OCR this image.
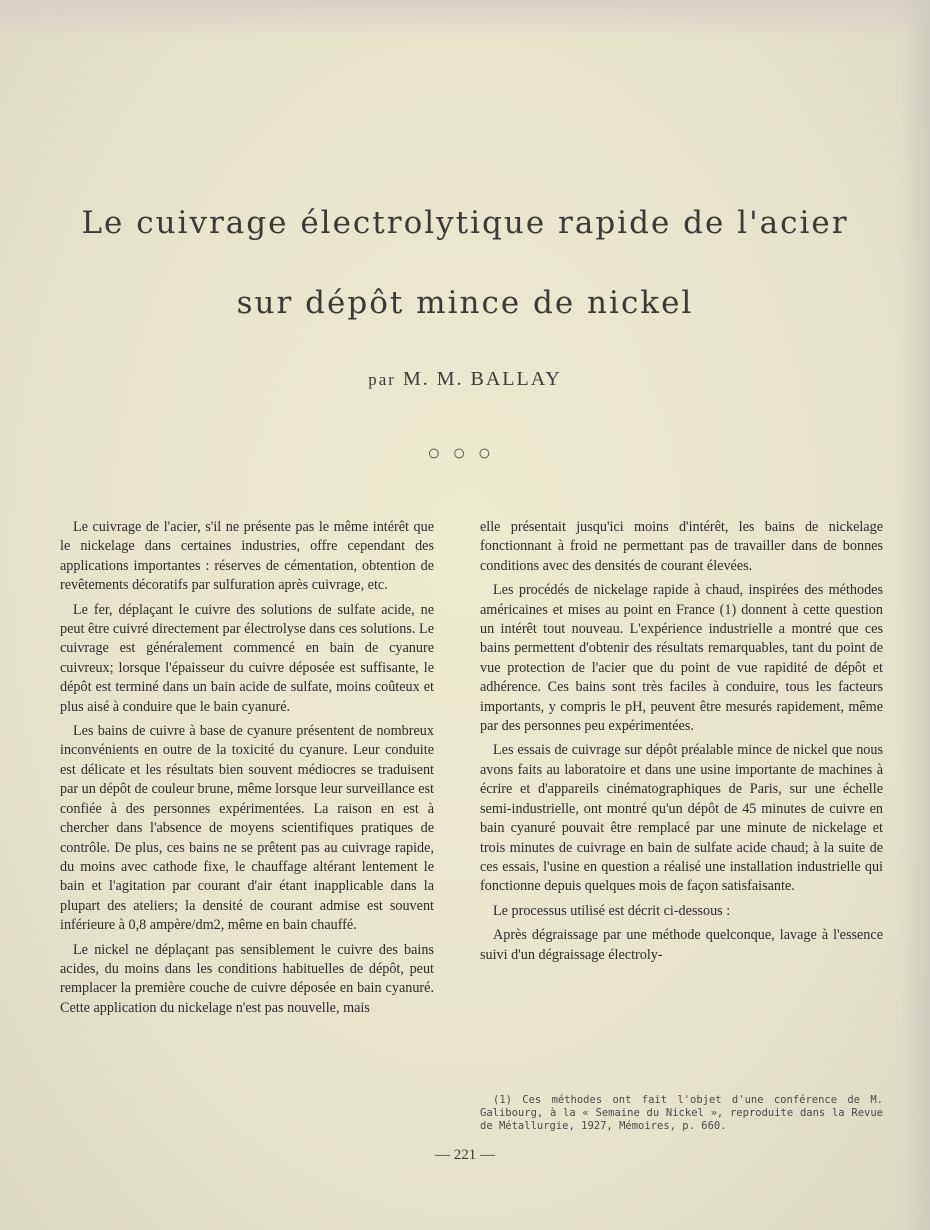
Le cuivrage électrolytique rapide de l'acier
sur dépôt mince de nickel
par M. M. BALLAY
○○○

Le cuivrage de l'acier, s'il ne présente pas le même intérêt que le nickelage dans certaines industries, offre cependant des applications importantes : réserves de cémentation, obtention de revêtements décoratifs par sulfuration après cuivrage, etc.

Le fer, déplaçant le cuivre des solutions de sulfate acide, ne peut être cuivré directement par électrolyse dans ces solutions. Le cuivrage est généralement commencé en bain de cyanure cuivreux; lorsque l'épaisseur du cuivre déposée est suffisante, le dépôt est terminé dans un bain acide de sulfate, moins coûteux et plus aisé à conduire que le bain cyanuré.

Les bains de cuivre à base de cyanure présentent de nombreux inconvénients en outre de la toxicité du cyanure. Leur conduite est délicate et les résultats bien souvent médiocres se traduisent par un dépôt de couleur brune, même lorsque leur surveillance est confiée à des personnes expérimentées. La raison en est à chercher dans l'absence de moyens scientifiques pratiques de contrôle. De plus, ces bains ne se prêtent pas au cuivrage rapide, du moins avec cathode fixe, le chauffage altérant lentement le bain et l'agitation par courant d'air étant inapplicable dans la plupart des ateliers; la densité de courant admise est souvent inférieure à 0,8 ampère/dm2, même en bain chauffé.

Le nickel ne déplaçant pas sensiblement le cuivre des bains acides, du moins dans les conditions habituelles de dépôt, peut remplacer la première couche de cuivre déposée en bain cyanuré. Cette application du nickelage n'est pas nouvelle, mais

elle présentait jusqu'ici moins d'intérêt, les bains de nickelage fonctionnant à froid ne permettant pas de travailler dans de bonnes conditions avec des densités de courant élevées.

Les procédés de nickelage rapide à chaud, inspirées des méthodes américaines et mises au point en France (1) donnent à cette question un intérêt tout nouveau. L'expérience industrielle a montré que ces bains permettent d'obtenir des résultats remarquables, tant du point de vue protection de l'acier que du point de vue rapidité de dépôt et adhérence. Ces bains sont très faciles à conduire, tous les facteurs importants, y compris le pH, peuvent être mesurés rapidement, même par des personnes peu expérimentées.

Les essais de cuivrage sur dépôt préalable mince de nickel que nous avons faits au laboratoire et dans une usine importante de machines à écrire et d'appareils cinématographiques de Paris, sur une échelle semi-industrielle, ont montré qu'un dépôt de 45 minutes de cuivre en bain cyanuré pouvait être remplacé par une minute de nickelage et trois minutes de cuivrage en bain de sulfate acide chaud; à la suite de ces essais, l'usine en question a réalisé une installation industrielle qui fonctionne depuis quelques mois de façon satisfaisante.

Le processus utilisé est décrit ci-dessous :

Après dégraissage par une méthode quelconque, lavage à l'essence suivi d'un dégraissage électroly-

(1) Ces méthodes ont fait l'objet d'une conférence de M. Galibourg, à la « Semaine du Nickel », reproduite dans la Revue de Métallurgie, 1927, Mémoires, p. 660.

— 221 —
